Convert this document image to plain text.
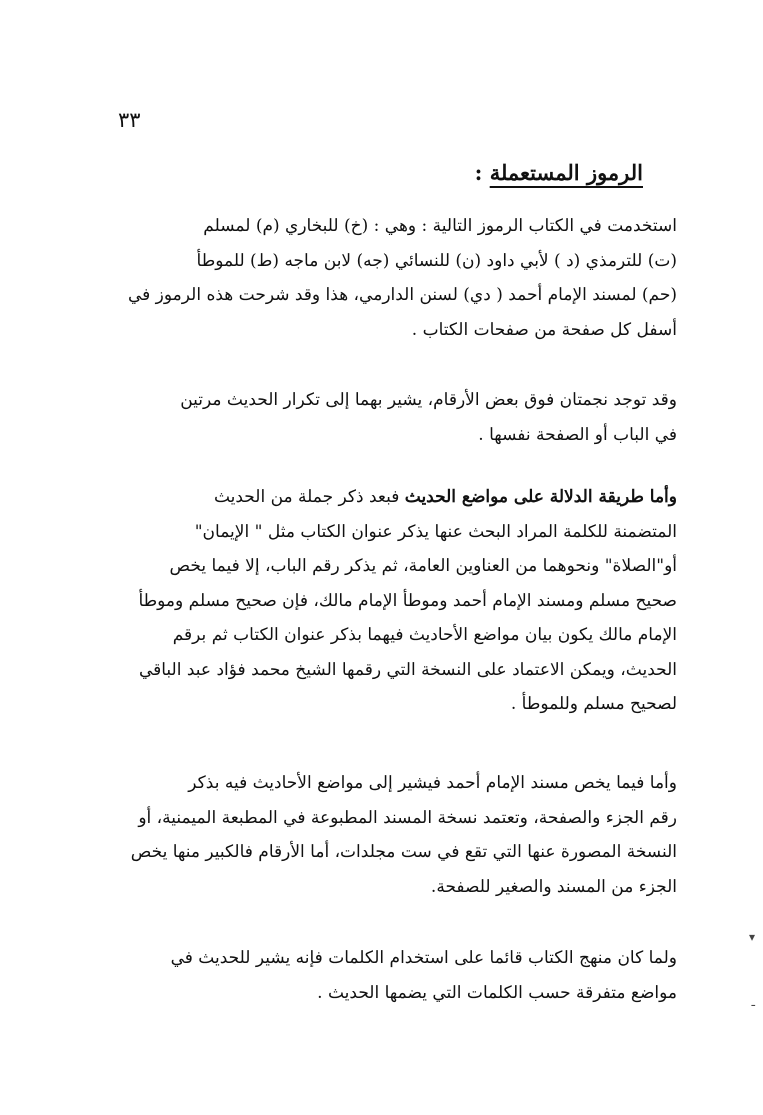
٣٣
الرموز المستعملة :
استخدمت في الكتاب الرموز التالية : وهي : (خ) للبخاري (م) لمسلم
(ت) للترمذي (د ) لأبي داود (ن) للنسائي (جه) لابن ماجه (ط) للموطأ
(حم) لمسند الإمام أحمد ( دي) لسنن الدارمي، هذا وقد شرحت هذه الرموز في
أسفل كل صفحة من صفحات الكتاب .
وقد توجد نجمتان فوق بعض الأرقام، يشير بهما إلى تكرار الحديث مرتين
في الباب أو الصفحة نفسها .
وأما طريقة الدلالة على مواضع الحديث فبعد ذكر جملة من الحديث
المتضمنة للكلمة المراد البحث عنها يذكر عنوان الكتاب مثل " الإيمان"
أو"الصلاة" ونحوهما من العناوين العامة، ثم يذكر رقم الباب، إلا فيما يخص
صحيح مسلم ومسند الإمام أحمد وموطأ الإمام مالك، فإن صحيح مسلم وموطأ
الإمام مالك يكون بيان مواضع الأحاديث فيهما بذكر عنوان الكتاب ثم برقم
الحديث، ويمكن الاعتماد على النسخة التي رقمها الشيخ محمد فؤاد عبد الباقي
لصحيح مسلم وللموطأ .
وأما فيما يخص مسند الإمام أحمد فيشير إلى مواضع الأحاديث فيه بذكر
رقم الجزء والصفحة، وتعتمد نسخة المسند المطبوعة في المطبعة الميمنية، أو
النسخة المصورة عنها التي تقع في ست مجلدات، أما الأرقام فالكبير منها يخص
الجزء من المسند والصغير للصفحة.
ولما كان منهج الكتاب قائما على استخدام الكلمات فإنه يشير للحديث في
مواضع متفرقة حسب الكلمات التي يضمها الحديث .
▾
ـ
